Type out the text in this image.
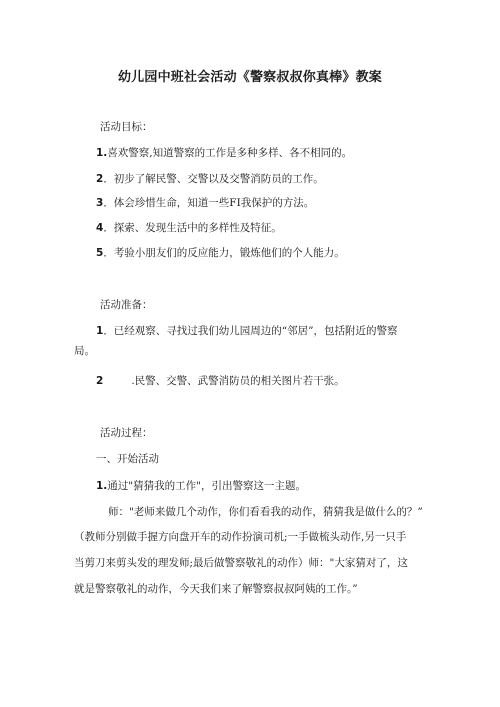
幼儿园中班社会活动《警察叔叔你真棒》教案
活动目标：
1.喜欢警察,知道警察的工作是多种多样、各不相同的。
2．初步了解民警、交警以及交警消防员的工作。
3．体会珍惜生命，知道一些FI我保护的方法。
4．探索、发现生活中的多样性及特征。
5．考验小朋友们的反应能力，锻炼他们的个人能力。
活动准备：
1．已经观察、寻找过我们幼儿园周边的“邻居”，包括附近的警察
局。
2	.民警、交警、武警消防员的相关图片若干张。
活动过程：
一、开始活动
1.通过"猜猜我的工作"，引出警察这一主题。
师："老师来做几个动作，你们看看我的动作，猜猜我是做什么的？”
（教师分别做手握方向盘开车的动作扮演司机;一手做梳头动作,另一只手
当剪刀来剪头发的理发师;最后做警察敬礼的动作）师："大家猜对了，这
就是警察敬礼的动作，今天我们来了解警察叔叔阿姨的工作。”
